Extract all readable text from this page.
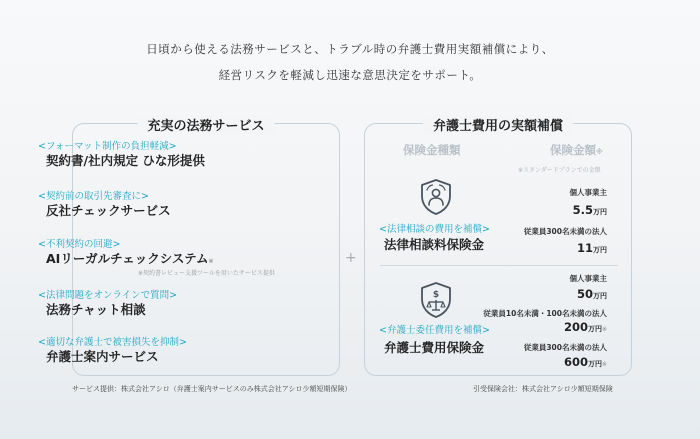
日頃から使える法務サービスと、トラブル時の弁護士費用実額補償により、
経営リスクを軽減し迅速な意思決定をサポート。
充実の法務サービス
<フォーマット制作の負担軽減>
契約書/社内規定 ひな形提供
<契約前の取引先審査に>
反社チェックサービス
<不利契約の回避>
AIリーガルチェックシステム※
※契約書レビュー支援ツールを用いたサービス提供
<法律問題をオンラインで質問>
法務チャット相談
<適切な弁護士で被害損失を抑制>
弁護士案内サービス
+
弁護士費用の実額補償
保険金種類	保険金額※
※スタンダードプランでの金額
<法律相談の費用を補償>
法律相談料保険金
個人事業主
5.5万円
従業員300名未満の法人
11万円
$
<弁護士委任費用を補償>
弁護士費用保険金
個人事業主
50万円
従業員10名未満・100名未満の法人
200万円※
従業員300名未満の法人
600万円※
サービス提供：株式会社アシロ（弁護士案内サービスのみ株式会社アシロ少額短期保険）	引受保険会社：株式会社アシロ少額短期保険
